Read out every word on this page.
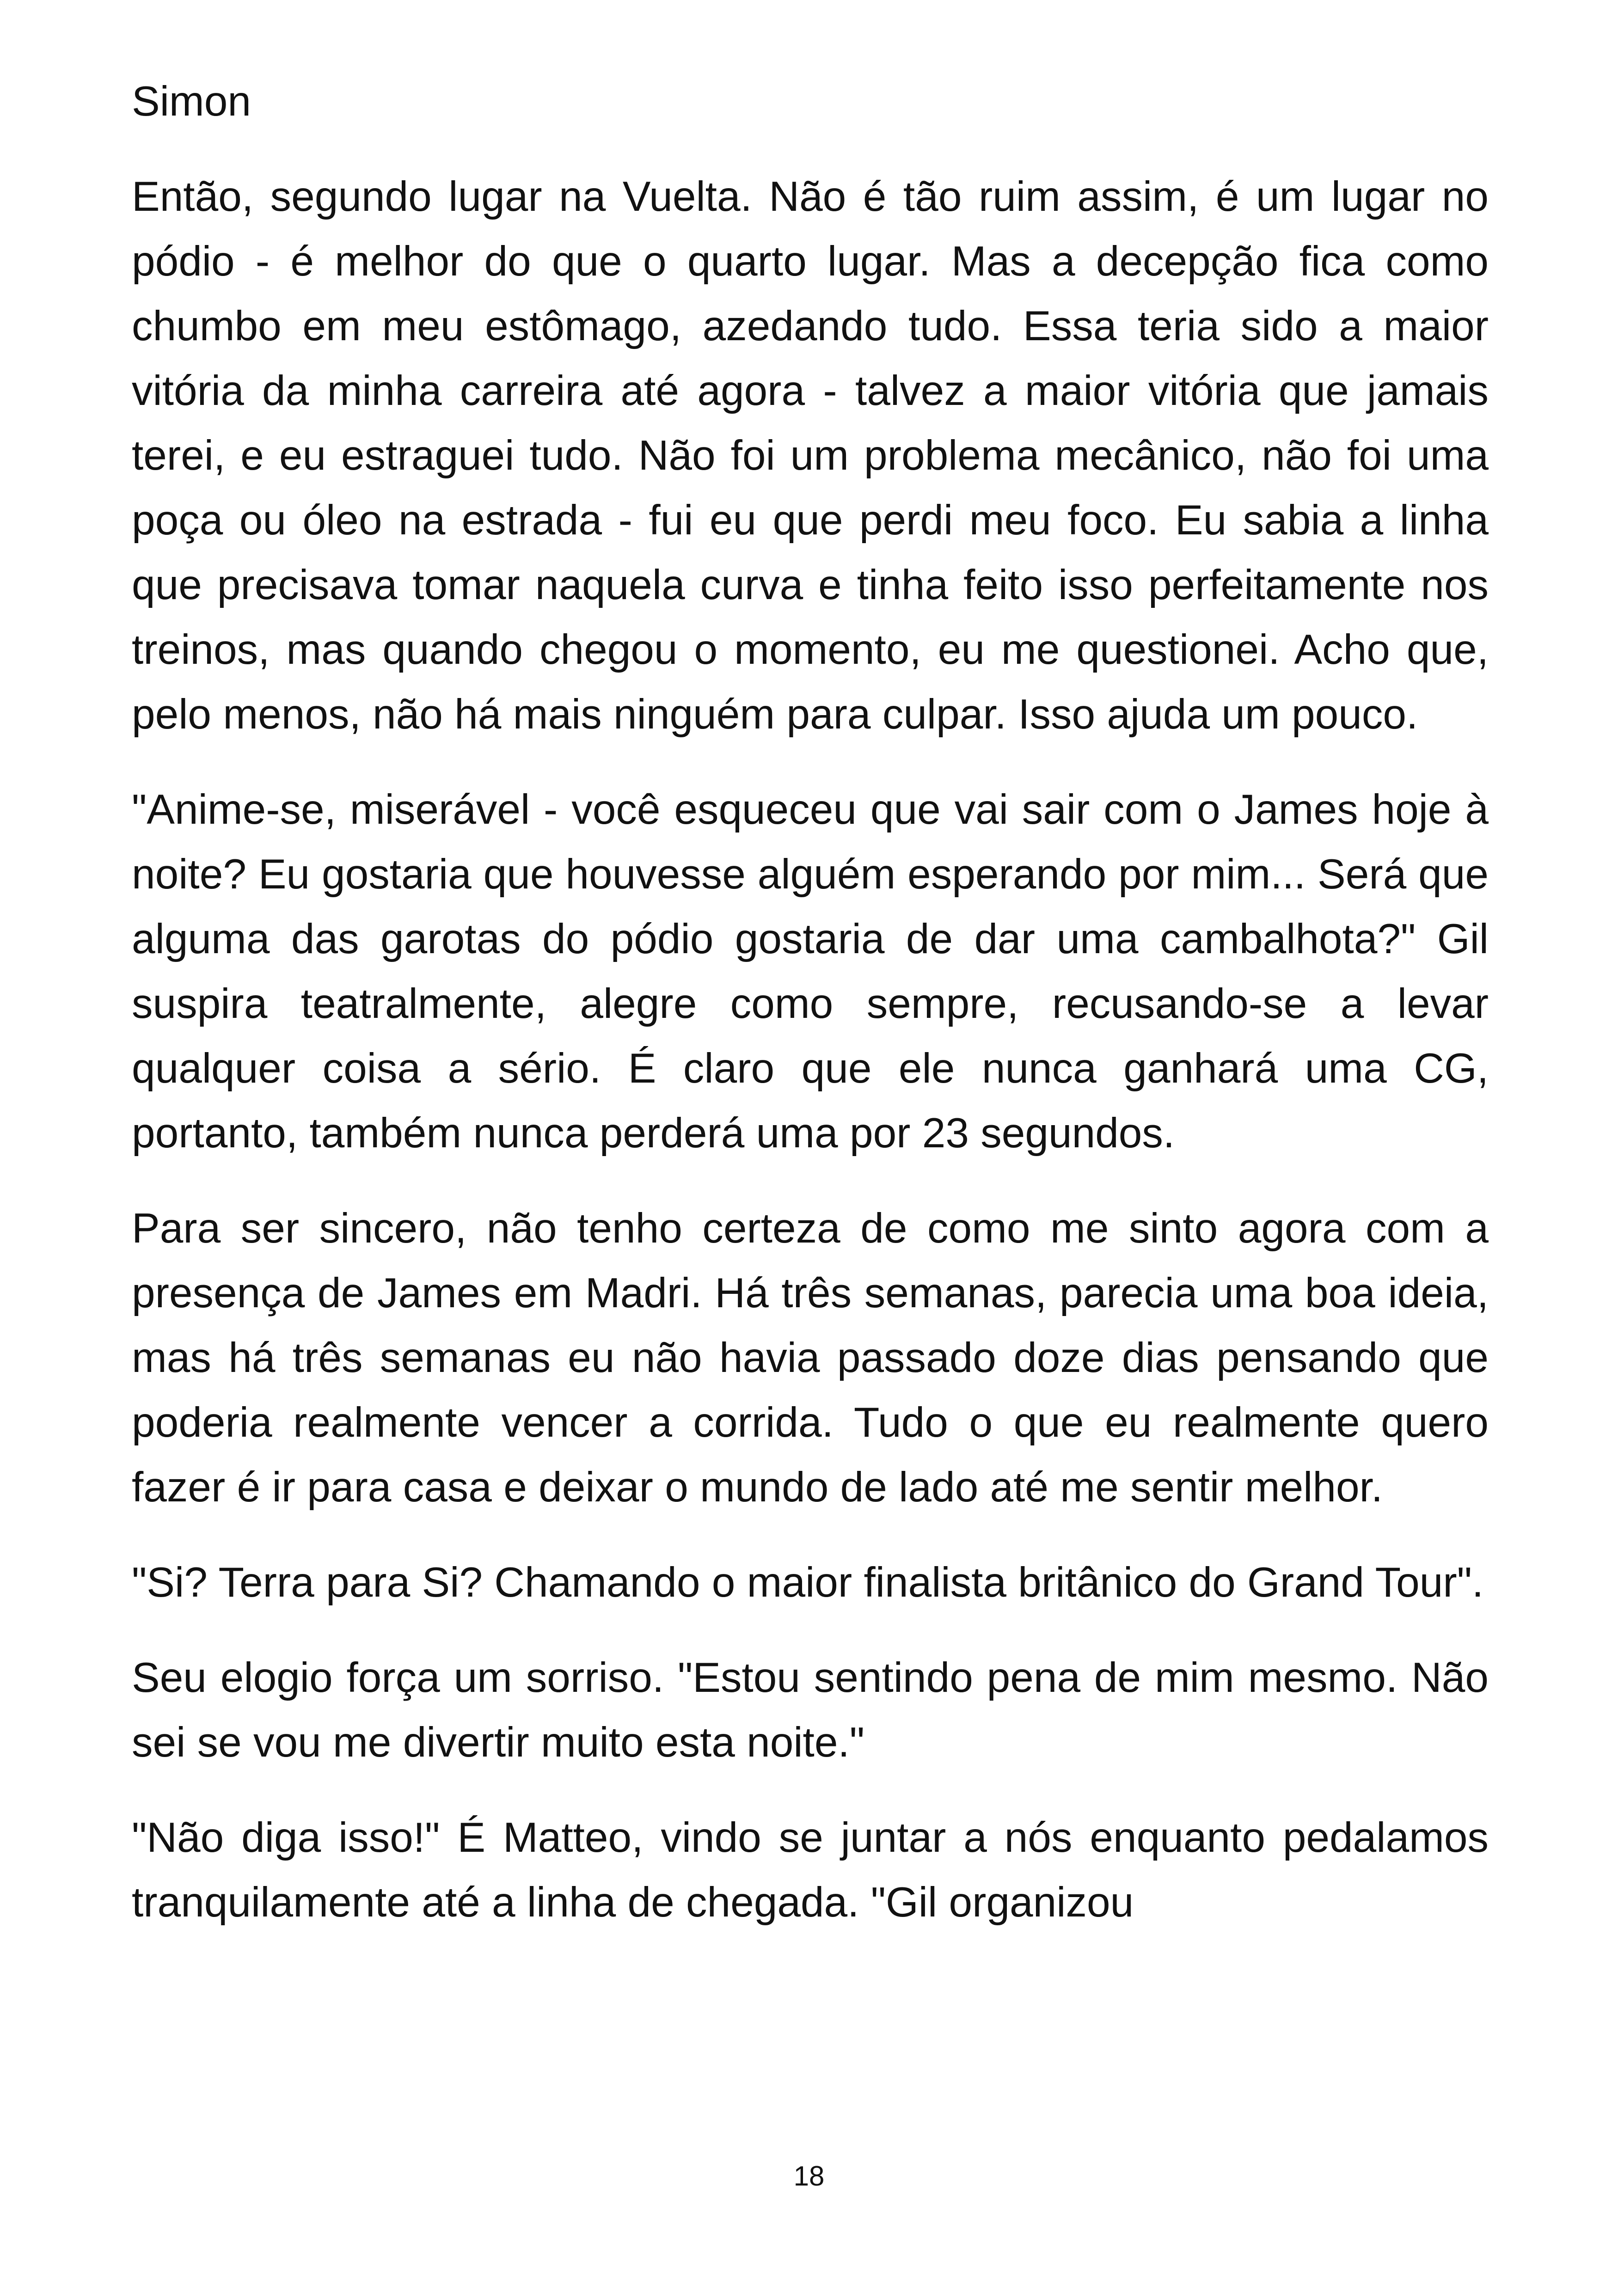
Simon

Então, segundo lugar na Vuelta. Não é tão ruim assim, é um lugar no pódio - é melhor do que o quarto lugar. Mas a decepção fica como chumbo em meu estômago, azedando tudo. Essa teria sido a maior vitória da minha carreira até agora - talvez a maior vitória que jamais terei, e eu estraguei tudo. Não foi um problema mecânico, não foi uma poça ou óleo na estrada - fui eu que perdi meu foco. Eu sabia a linha que precisava tomar naquela curva e tinha feito isso perfeitamente nos treinos, mas quando chegou o momento, eu me questionei. Acho que, pelo menos, não há mais ninguém para culpar. Isso ajuda um pouco.

"Anime-se, miserável - você esqueceu que vai sair com o James hoje à noite? Eu gostaria que houvesse alguém esperando por mim... Será que alguma das garotas do pódio gostaria de dar uma cambalhota?" Gil suspira teatralmente, alegre como sempre, recusando-se a levar qualquer coisa a sério. É claro que ele nunca ganhará uma CG, portanto, também nunca perderá uma por 23 segundos.

Para ser sincero, não tenho certeza de como me sinto agora com a presença de James em Madri. Há três semanas, parecia uma boa ideia, mas há três semanas eu não havia passado doze dias pensando que poderia realmente vencer a corrida. Tudo o que eu realmente quero fazer é ir para casa e deixar o mundo de lado até me sentir melhor.

"Si? Terra para Si? Chamando o maior finalista britânico do Grand Tour".

Seu elogio força um sorriso. "Estou sentindo pena de mim mesmo. Não sei se vou me divertir muito esta noite."

"Não diga isso!" É Matteo, vindo se juntar a nós enquanto pedalamos tranquilamente até a linha de chegada. "Gil organizou

18
